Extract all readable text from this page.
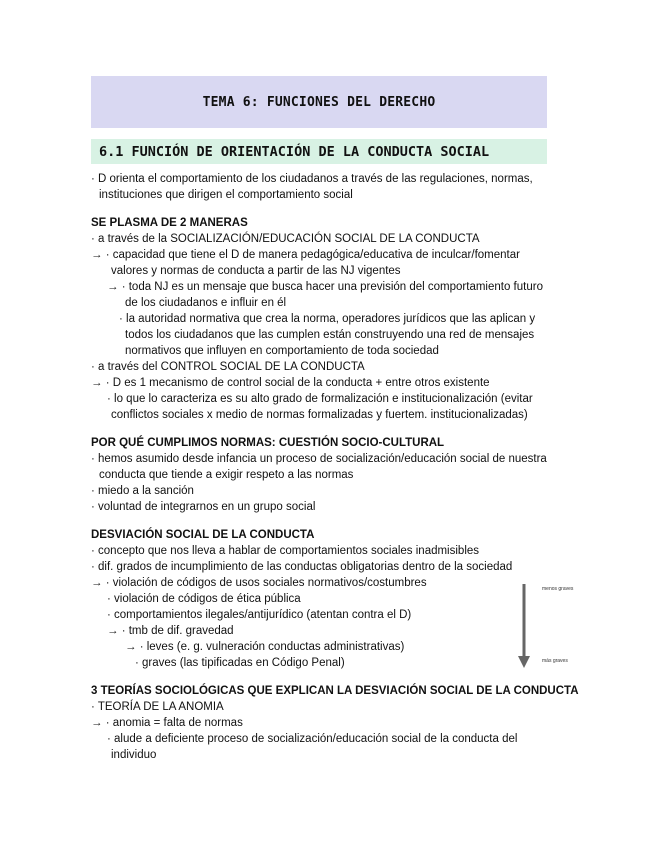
TEMA 6: FUNCIONES DEL DERECHO
6.1 FUNCIÓN DE ORIENTACIÓN DE LA CONDUCTA SOCIAL
· D orienta el comportamiento de los ciudadanos a través de las regulaciones, normas,
instituciones que dirigen el comportamiento social
SE PLASMA DE 2 MANERAS
· a través de la SOCIALIZACIÓN/EDUCACIÓN SOCIAL DE LA CONDUCTA
→ · capacidad que tiene el D de manera pedagógica/educativa de inculcar/fomentar
valores y normas de conducta a partir de las NJ vigentes
→ · toda NJ es un mensaje que busca hacer una previsión del comportamiento futuro
de los ciudadanos e influir en él
· la autoridad normativa que crea la norma, operadores jurídicos que las aplican y
todos los ciudadanos que las cumplen están construyendo una red de mensajes
normativos que influyen en comportamiento de toda sociedad
· a través del CONTROL SOCIAL DE LA CONDUCTA
→ · D es 1 mecanismo de control social de la conducta + entre otros existente
· lo que lo caracteriza es su alto grado de formalización e institucionalización (evitar
conflictos sociales x medio de normas formalizadas y fuertem. institucionalizadas)
POR QUÉ CUMPLIMOS NORMAS: CUESTIÓN SOCIO-CULTURAL
· hemos asumido desde infancia un proceso de socialización/educación social de nuestra
conducta que tiende a exigir respeto a las normas
· miedo a la sanción
· voluntad de integrarnos en un grupo social
DESVIACIÓN SOCIAL DE LA CONDUCTA
· concepto que nos lleva a hablar de comportamientos sociales inadmisibles
· dif. grados de incumplimiento de las conductas obligatorias dentro de la sociedad
→ · violación de códigos de usos sociales normativos/costumbres
· violación de códigos de ética pública
· comportamientos ilegales/antijurídico (atentan contra el D)
→ · tmb de dif. gravedad
→ · leves (e. g. vulneración conductas administrativas)
· graves (las tipificadas en Código Penal)
3 TEORÍAS SOCIOLÓGICAS QUE EXPLICAN LA DESVIACIÓN SOCIAL DE LA CONDUCTA
· TEORÍA DE LA ANOMIA
→ · anomia = falta de normas
· alude a deficiente proceso de socialización/educación social de la conducta del
individuo
menos graves
más graves
